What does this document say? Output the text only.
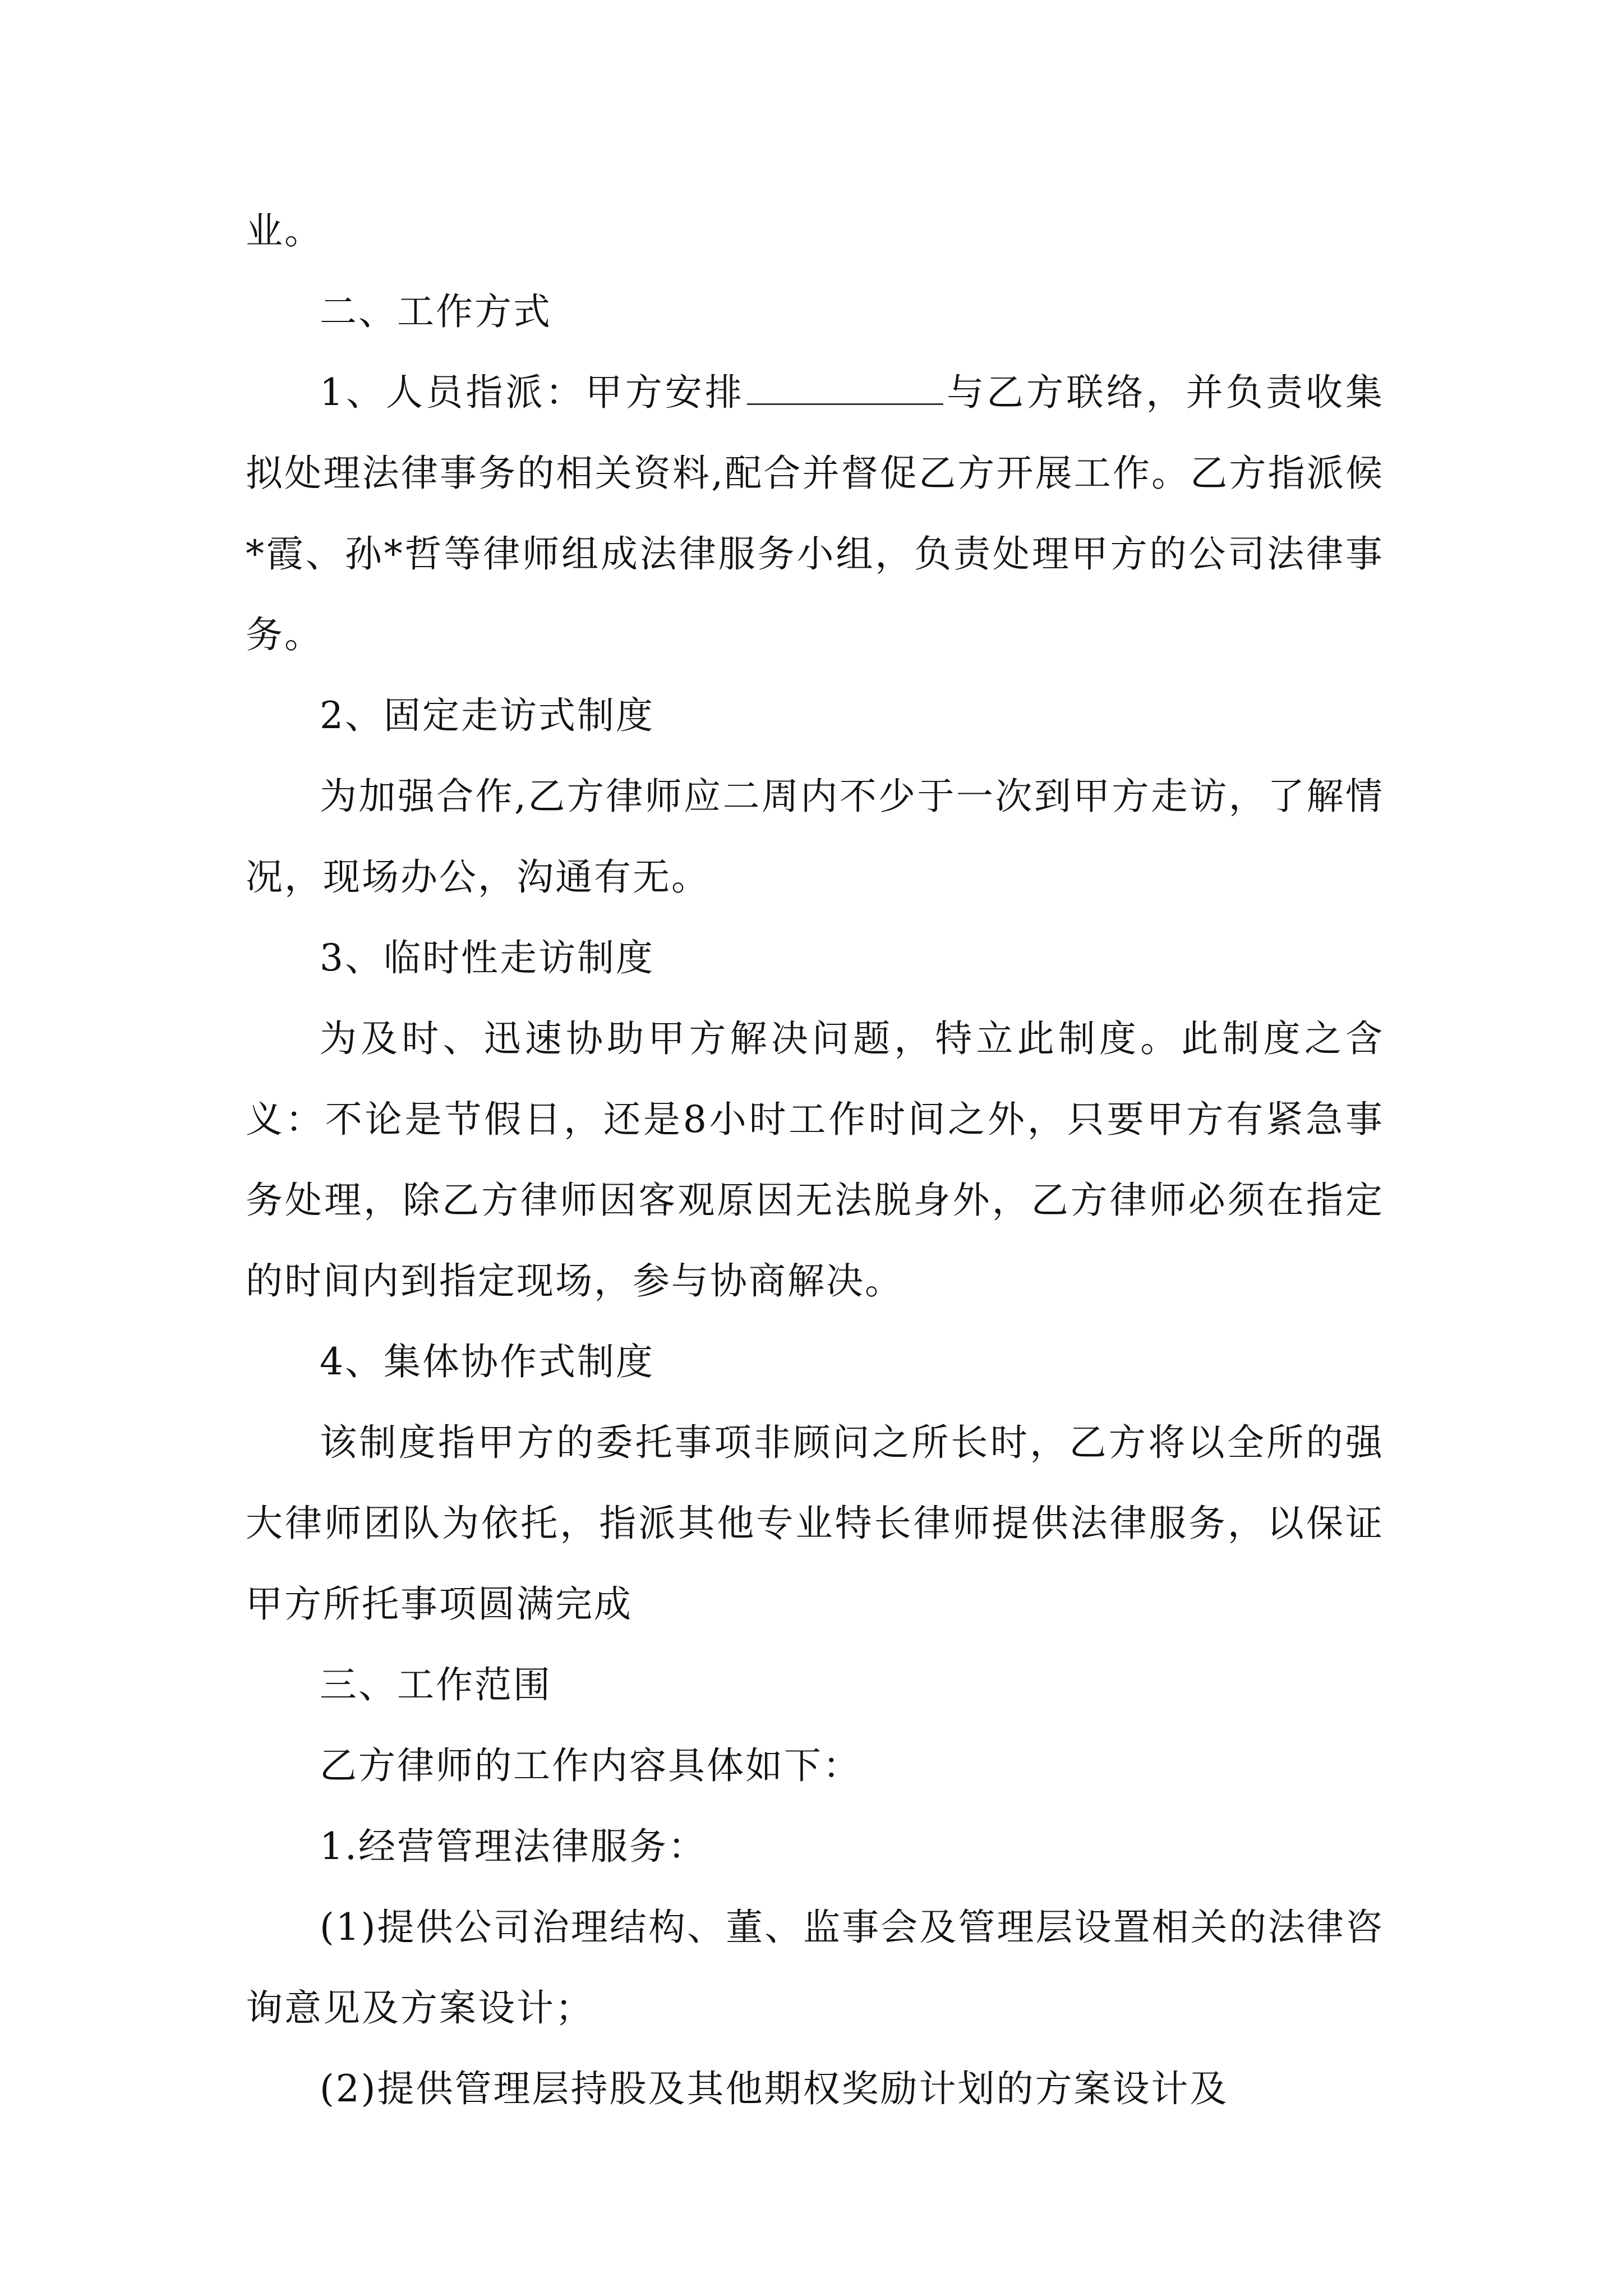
业。

二、工作方式

1、人员指派：甲方安排	与乙方联络，并负责收集拟处理法律事务的相关资料,配合并督促乙方开展工作。乙方指派候*霞、孙*哲等律师组成法律服务小组，负责处理甲方的公司法律事务。

2、固定走访式制度

为加强合作,乙方律师应二周内不少于一次到甲方走访，了解情况，现场办公，沟通有无。

3、临时性走访制度

为及时、迅速协助甲方解决问题，特立此制度。此制度之含义：不论是节假日，还是8小时工作时间之外，只要甲方有紧急事务处理，除乙方律师因客观原因无法脱身外，乙方律师必须在指定的时间内到指定现场，参与协商解决。

4、集体协作式制度

该制度指甲方的委托事项非顾问之所长时，乙方将以全所的强大律师团队为依托，指派其他专业特长律师提供法律服务，以保证甲方所托事项圆满完成

三、工作范围

乙方律师的工作内容具体如下：

1.经营管理法律服务：

(1)提供公司治理结构、董、监事会及管理层设置相关的法律咨询意见及方案设计；

(2)提供管理层持股及其他期权奖励计划的方案设计及
